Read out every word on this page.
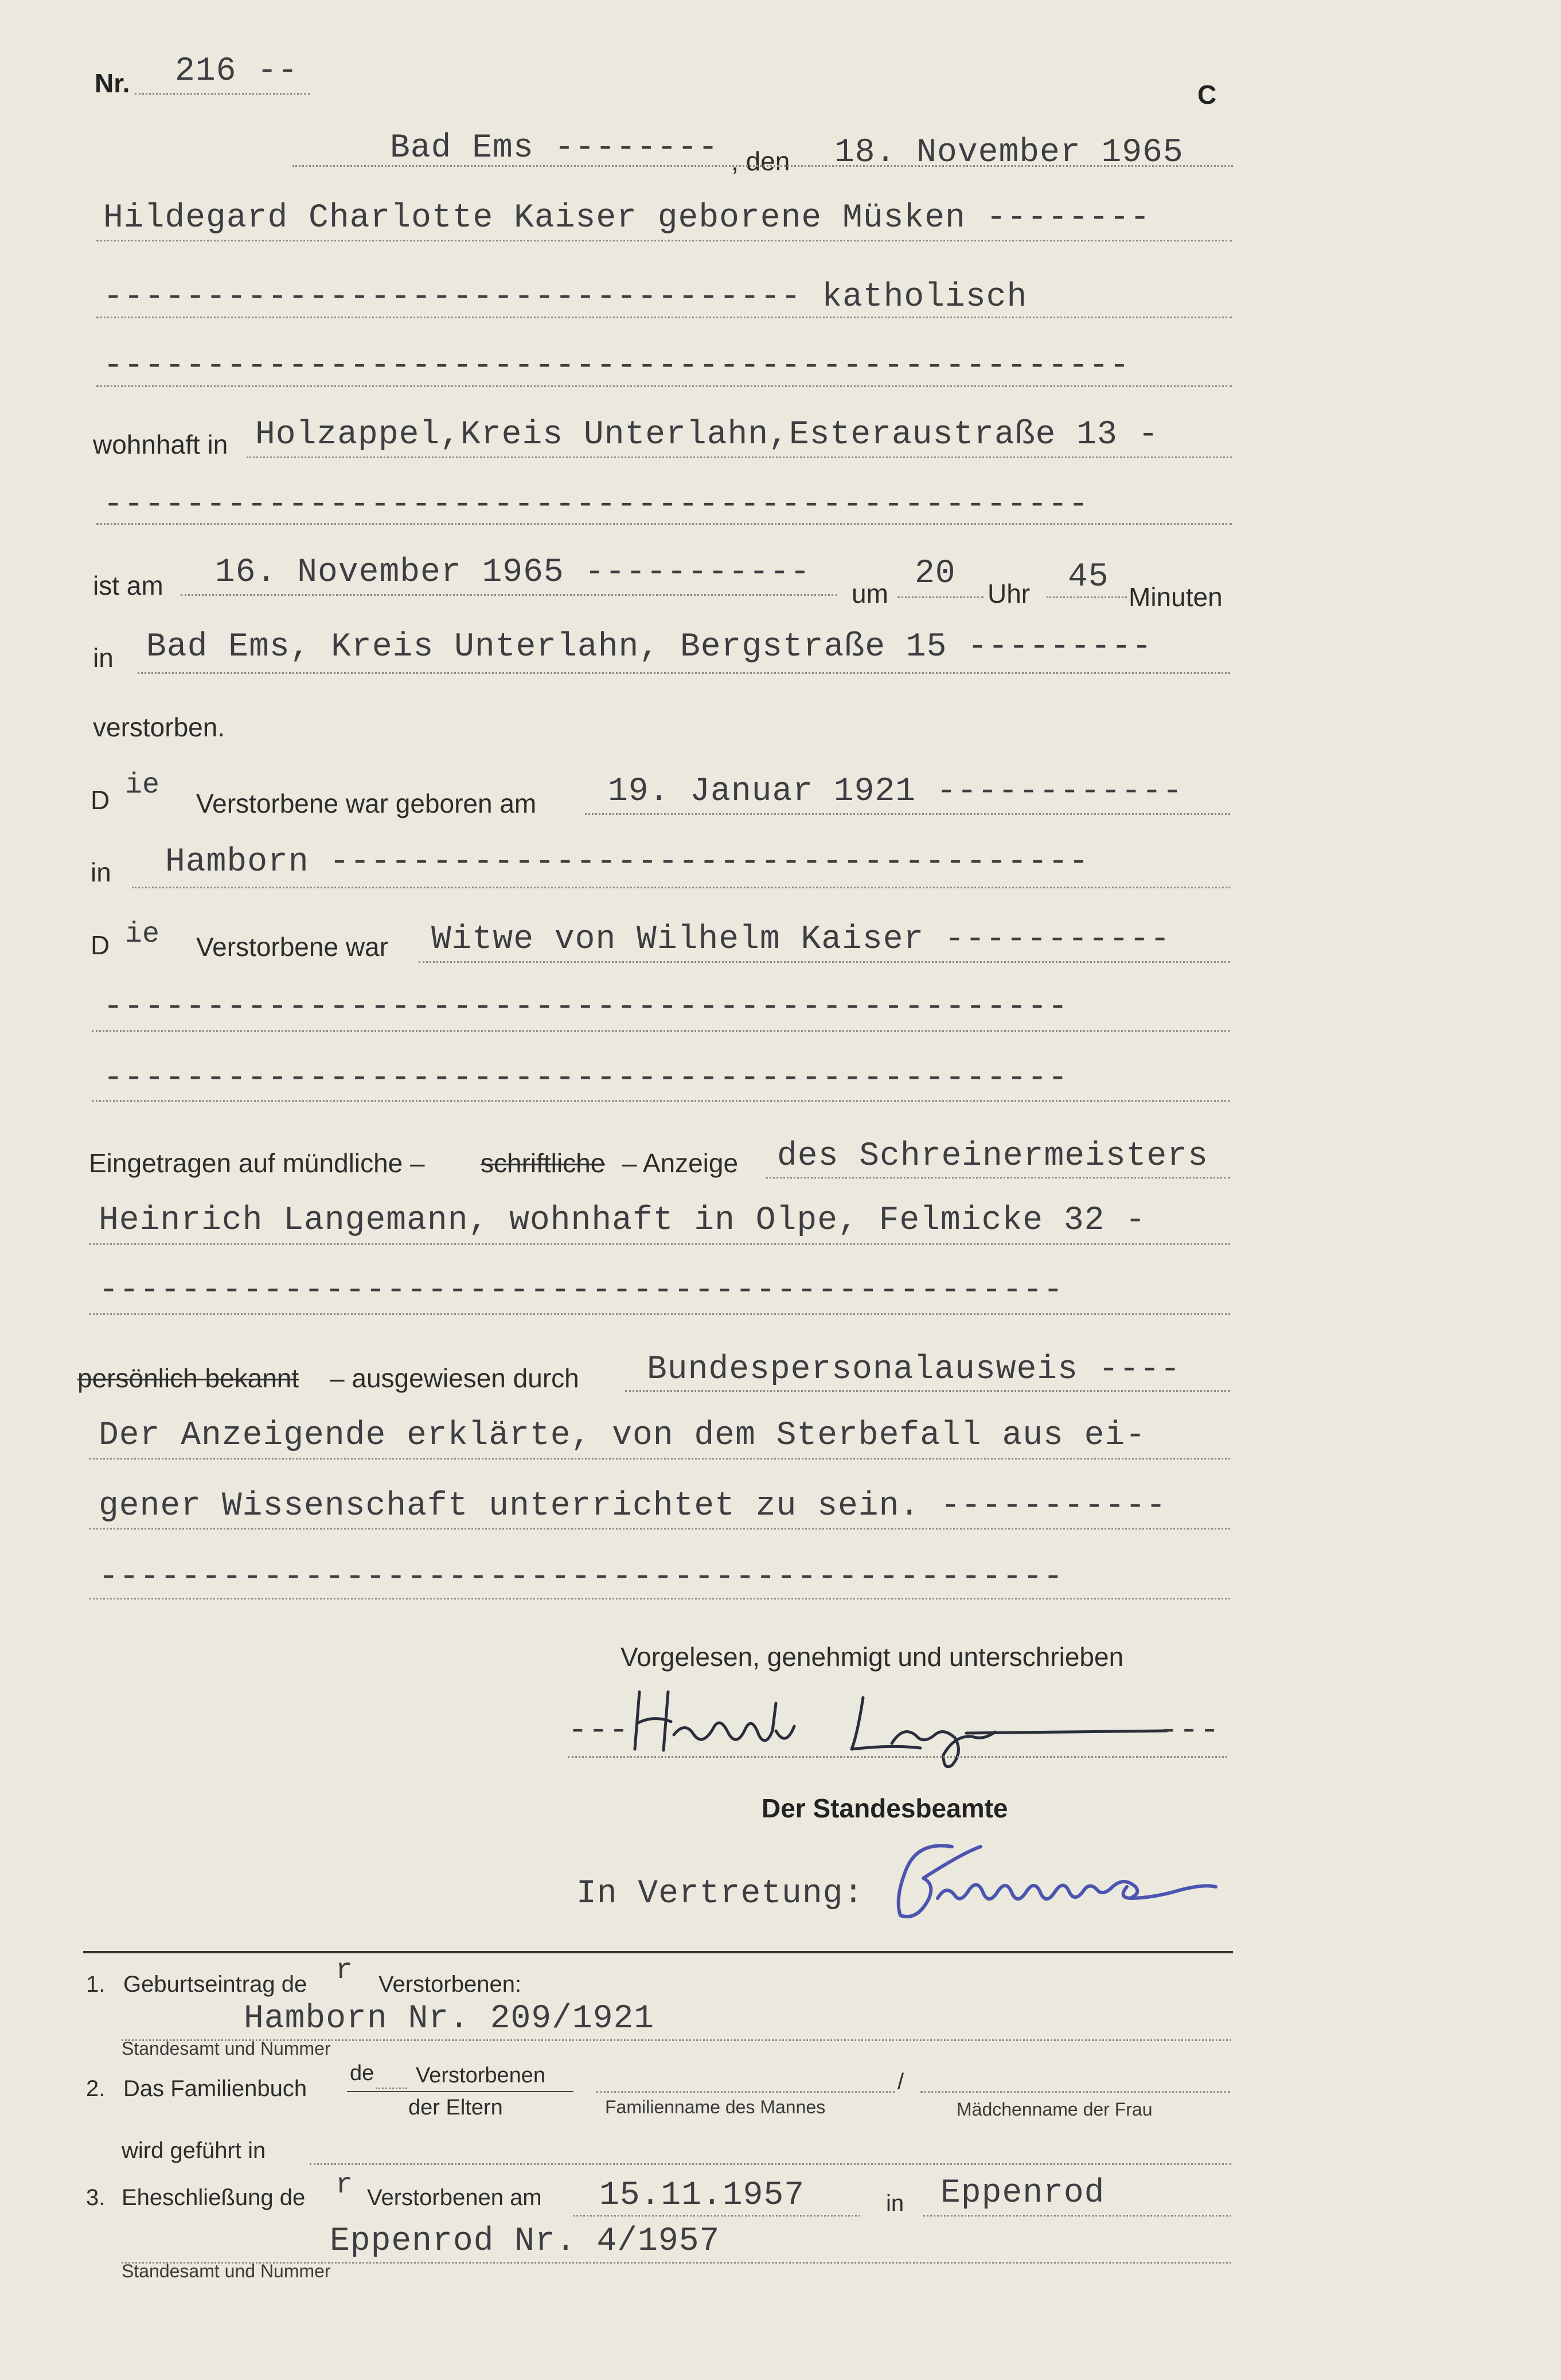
Nr. 216 --
C
Bad Ems -------- , den 18. November 1965
Hildegard Charlotte Kaiser geborene Müsken --------
---------------------------------- katholisch
--------------------------------------------------
wohnhaft in Holzappel,Kreis Unterlahn,Esteraustraße 13 -
------------------------------------------------
ist am 16. November 1965 -----------
um
20
Uhr 45
Minuten
in Bad Ems, Kreis Unterlahn, Bergstraße 15 ---------
verstorben.
D ie
Verstorbene war geboren am 19. Januar 1921 ------------
in Hamborn -------------------------------------
D ie Verstorbene war Witwe von Wilhelm Kaiser -----------
-----------------------------------------------
-----------------------------------------------
Eingetragen auf mündliche – schriftliche – Anzeige des Schreinermeisters
Heinrich Langemann, wohnhaft in Olpe, Felmicke 32 -
-----------------------------------------------
persönlich bekannt – ausgewiesen durch Bundespersonalausweis ----
Der Anzeigende erklärte, von dem Sterbefall aus ei-
gener Wissenschaft unterrichtet zu sein. -----------
-----------------------------------------------
Vorgelesen, genehmigt und unterschrieben
---	---
Der Standesbeamte
In Vertretung:
1. Geburtseintrag de r Verstorbenen:
Hamborn Nr. 209/1921
Standesamt und Nummer
2. Das Familienbuch
de Verstorbenen
der Eltern
/
Familienname des Mannes	Mädchenname der Frau
wird geführt in
3. Eheschließung de r Verstorbenen am 15.11.1957	in Eppenrod
Eppenrod Nr. 4/1957
Standesamt und Nummer
